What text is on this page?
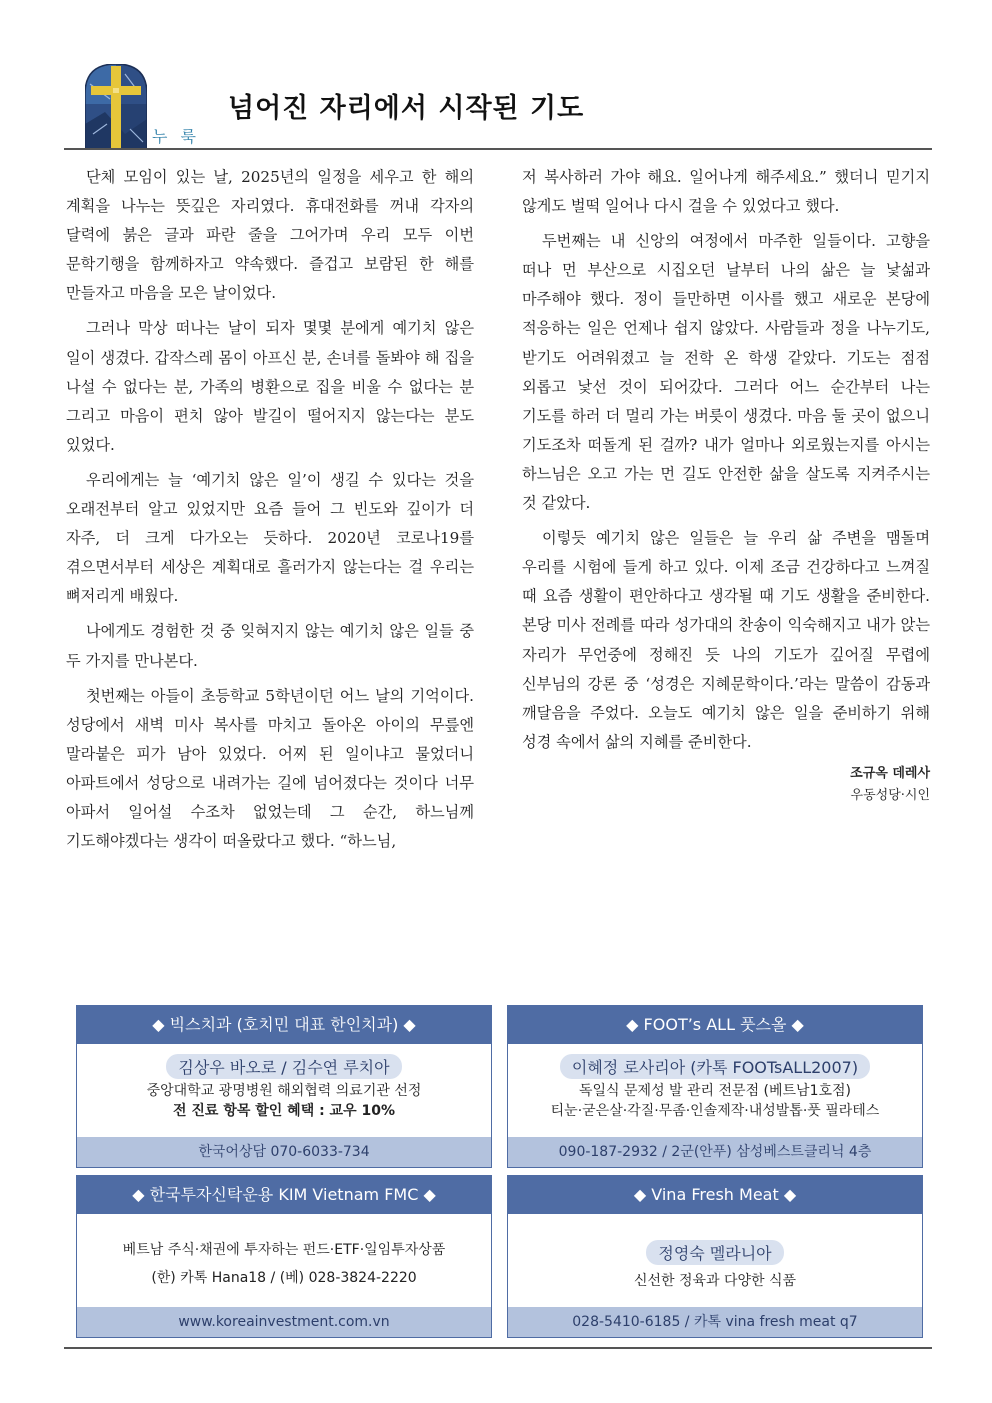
누 룩
넘어진 자리에서 시작된 기도

단체 모임이 있는 날, 2025년의 일정을 세우고 한 해의 계획을 나누는 뜻깊은 자리였다. 휴대전화를 꺼내 각자의 달력에 붉은 글과 파란 줄을 그어가며 우리 모두 이번 문학기행을 함께하자고 약속했다. 즐겁고 보람된 한 해를 만들자고 마음을 모은 날이었다.

그러나 막상 떠나는 날이 되자 몇몇 분에게 예기치 않은 일이 생겼다. 갑작스레 몸이 아프신 분, 손녀를 돌봐야 해 집을 나설 수 없다는 분, 가족의 병환으로 집을 비울 수 없다는 분 그리고 마음이 편치 않아 발길이 떨어지지 않는다는 분도 있었다.

우리에게는 늘 ‘예기치 않은 일’이 생길 수 있다는 것을 오래전부터 알고 있었지만 요즘 들어 그 빈도와 깊이가 더 자주, 더 크게 다가오는 듯하다. 2020년 코로나19를 겪으면서부터 세상은 계획대로 흘러가지 않는다는 걸 우리는 뼈저리게 배웠다.

나에게도 경험한 것 중 잊혀지지 않는 예기치 않은 일들 중 두 가지를 만나본다.

첫번째는 아들이 초등학교 5학년이던 어느 날의 기억이다. 성당에서 새벽 미사 복사를 마치고 돌아온 아이의 무릎엔 말라붙은 피가 남아 있었다. 어찌 된 일이냐고 물었더니 아파트에서 성당으로 내려가는 길에 넘어졌다는 것이다 너무 아파서 일어설 수조차 없었는데 그 순간, 하느님께 기도해야겠다는 생각이 떠올랐다고 했다. “하느님,

저 복사하러 가야 해요. 일어나게 해주세요.” 했더니 믿기지 않게도 벌떡 일어나 다시 걸을 수 있었다고 했다.

두번째는 내 신앙의 여정에서 마주한 일들이다. 고향을 떠나 먼 부산으로 시집오던 날부터 나의 삶은 늘 낯섦과 마주해야 했다. 정이 들만하면 이사를 했고 새로운 본당에 적응하는 일은 언제나 쉽지 않았다. 사람들과 정을 나누기도, 받기도 어려워졌고 늘 전학 온 학생 같았다. 기도는 점점 외롭고 낯선 것이 되어갔다. 그러다 어느 순간부터 나는 기도를 하러 더 멀리 가는 버릇이 생겼다. 마음 둘 곳이 없으니 기도조차 떠돌게 된 걸까? 내가 얼마나 외로웠는지를 아시는 하느님은 오고 가는 먼 길도 안전한 삶을 살도록 지켜주시는 것 같았다.

이렇듯 예기치 않은 일들은 늘 우리 삶 주변을 맴돌며 우리를 시험에 들게 하고 있다. 이제 조금 건강하다고 느껴질 때 요즘 생활이 편안하다고 생각될 때 기도 생활을 준비한다. 본당 미사 전례를 따라 성가대의 찬송이 익숙해지고 내가 앉는 자리가 무언중에 정해진 듯 나의 기도가 깊어질 무렵에 신부님의 강론 중 ‘성경은 지혜문학이다.’라는 말씀이 감동과 깨달음을 주었다. 오늘도 예기치 않은 일을 준비하기 위해 성경 속에서 삶의 지혜를 준비한다.

조규옥 데레사
우동성당·시인
◆ 빅스치과 (호치민 대표 한인치과) ◆
김상우 바오로 / 김수연 루치아
중앙대학교 광명병원 해외협력 의료기관 선정
전 진료 항목 할인 혜택 : 교우 10%
한국어상담 070-6033-734
◆ FOOT’s ALL 풋스올 ◆
이혜정 로사리아 (카톡 FOOTsALL2007)
독일식 문제성 발 관리 전문점 (베트남1호점)
티눈·굳은살·각질·무좀·인솔제작·내성발톱·풋 필라테스
090-187-2932 / 2군(안푸) 삼성베스트클리닉 4층
◆ 한국투자신탁운용 KIM Vietnam FMC ◆
베트남 주식·채권에 투자하는 펀드·ETF·일임투자상품
(한) 카톡 Hana18 / (베) 028-3824-2220
www.koreainvestment.com.vn
◆ Vina Fresh Meat ◆
정영숙 멜라니아
신선한 정육과 다양한 식품
028-5410-6185 / 카톡 vina fresh meat q7
